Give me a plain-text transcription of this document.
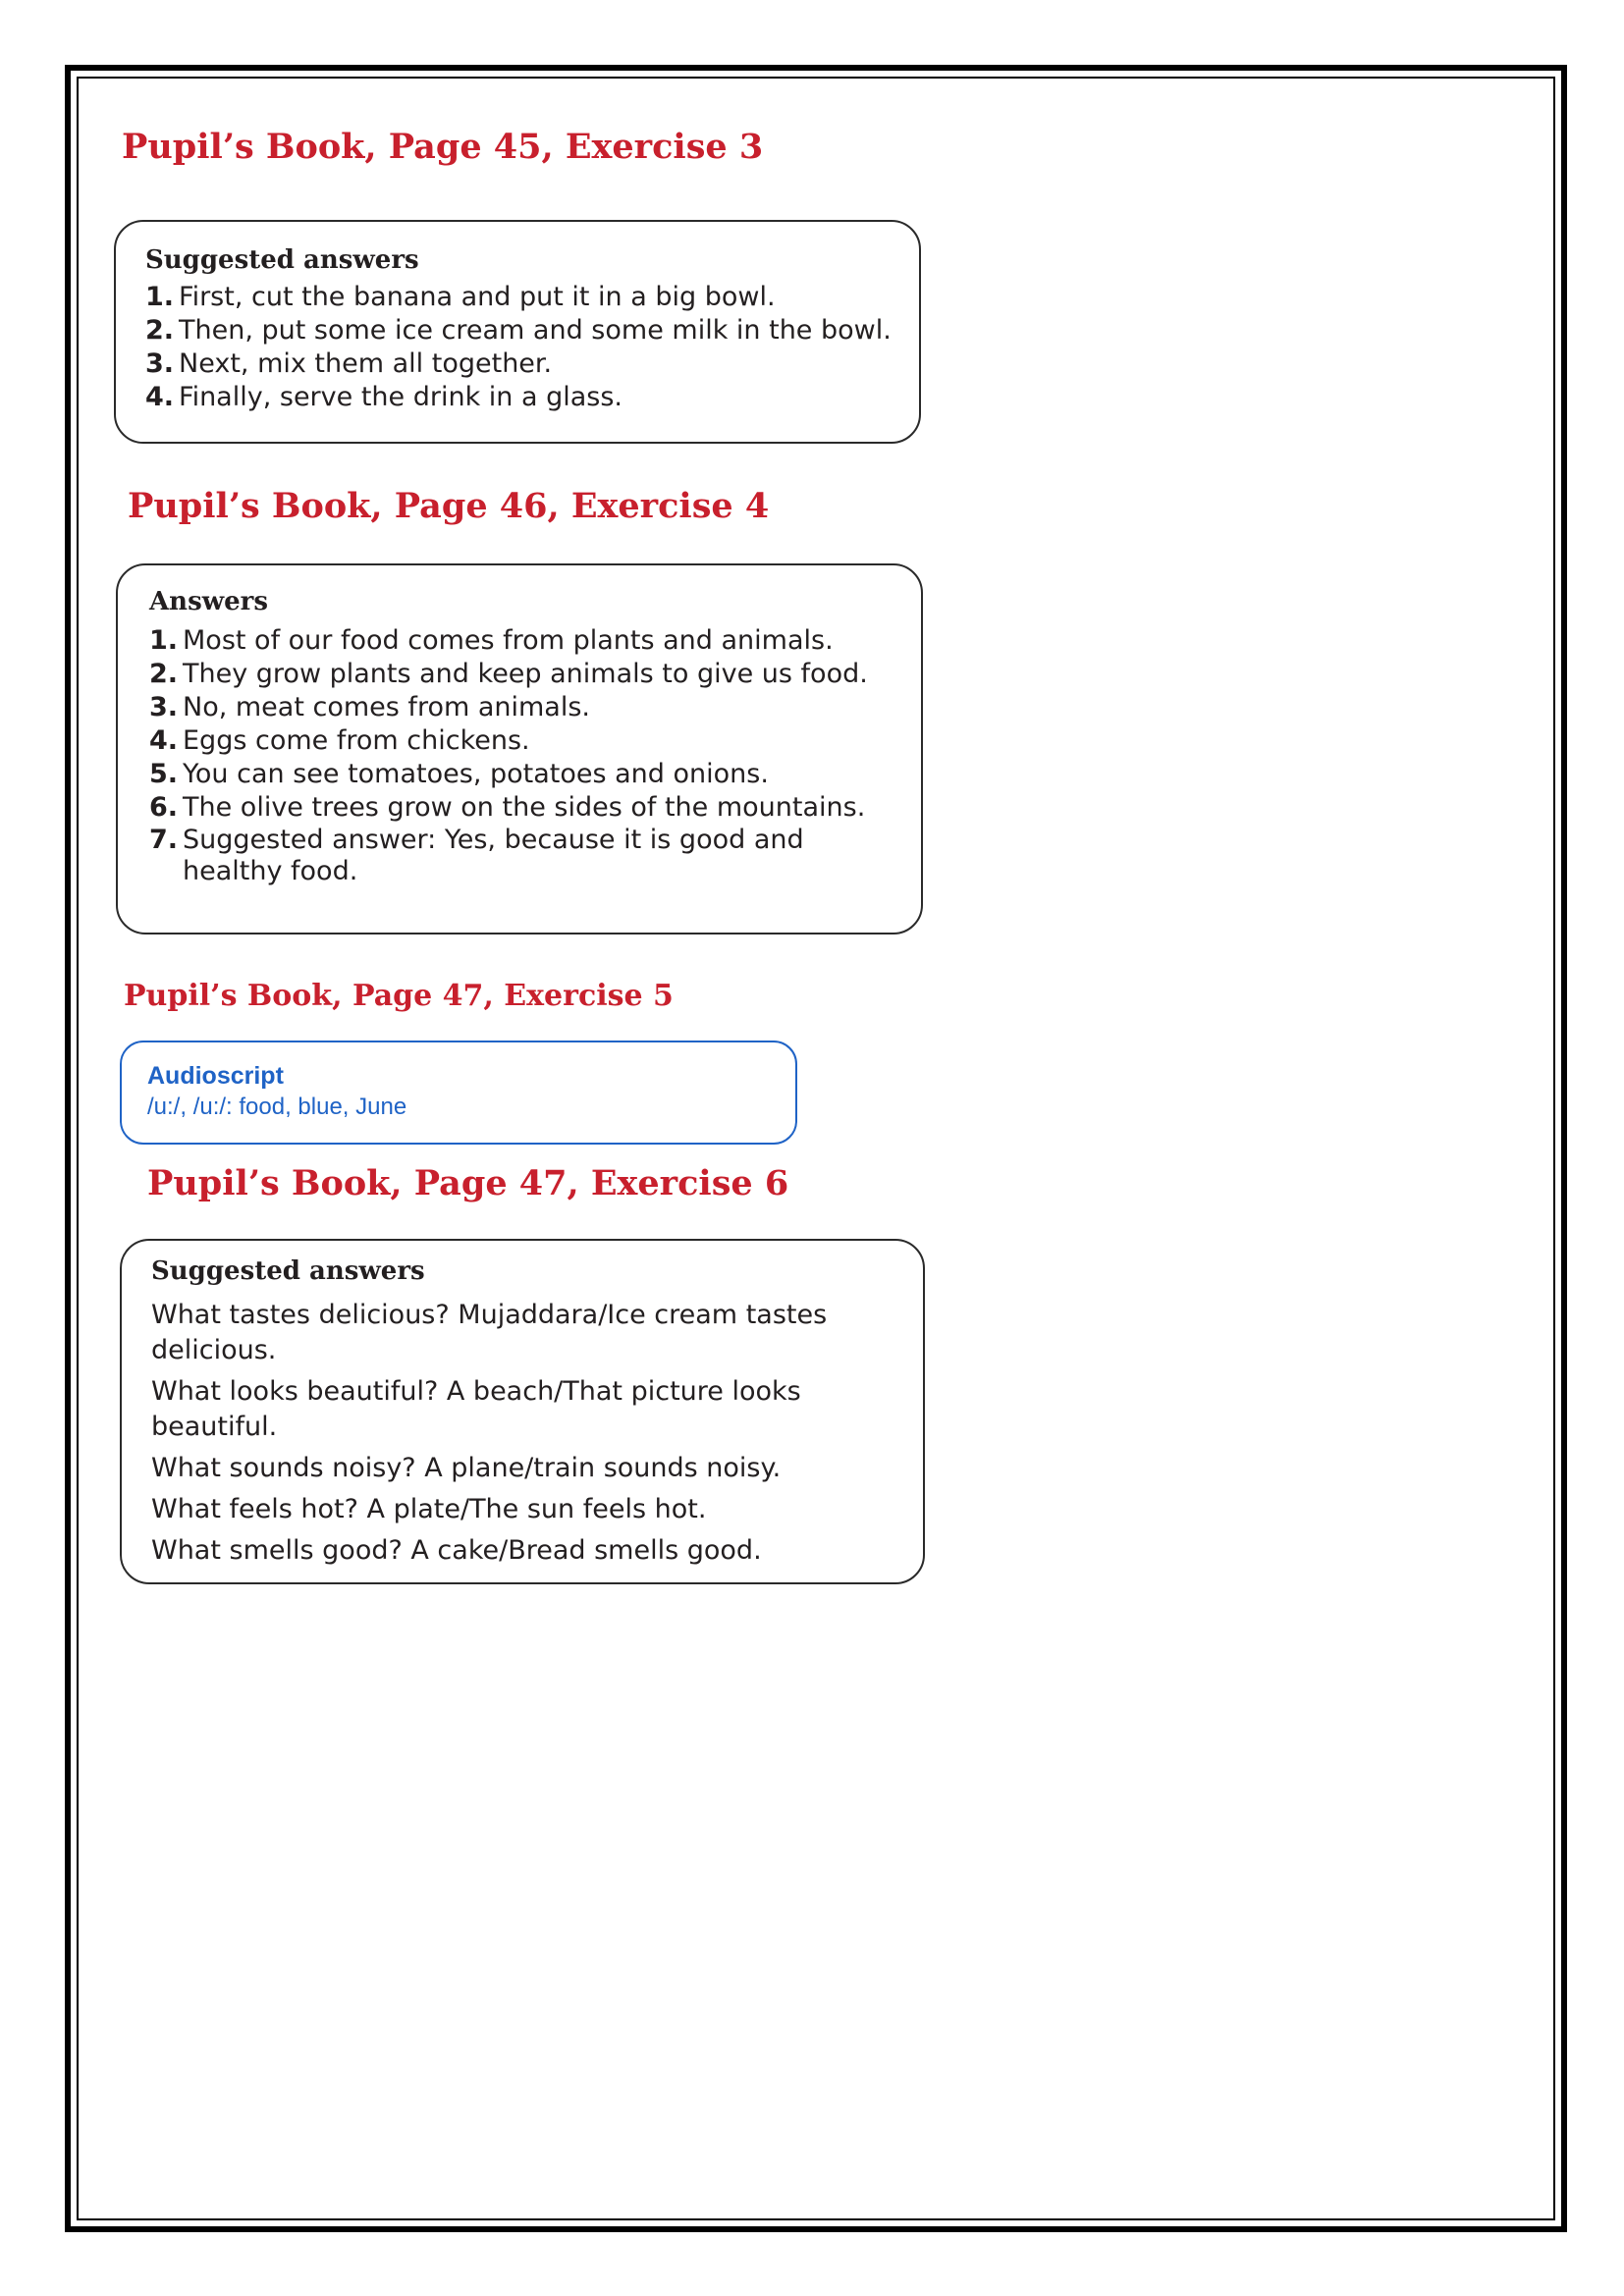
Pupil’s Book, Page 45, Exercise 3

Suggested answers

1. First, cut the banana and put it in a big bowl.
2. Then, put some ice cream and some milk in the bowl.
3. Next, mix them all together.
4. Finally, serve the drink in a glass.
Pupil’s Book, Page 46, Exercise 4

Answers

1. Most of our food comes from plants and animals.
2. They grow plants and keep animals to give us food.
3. No, meat comes from animals.
4. Eggs come from chickens.
5. You can see tomatoes, potatoes and onions.
6. The olive trees grow on the sides of the mountains.
7. Suggested answer: Yes, because it is good and healthy food.
Pupil’s Book, Page 47, Exercise 5

Audioscript

/u:/, /u:/: food, blue, June

Pupil’s Book, Page 47, Exercise 6

Suggested answers

What tastes delicious? Mujaddara/Ice cream tastes delicious.

What looks beautiful? A beach/That picture looks beautiful.

What sounds noisy? A plane/train sounds noisy.

What feels hot? A plate/The sun feels hot.

What smells good? A cake/Bread smells good.
